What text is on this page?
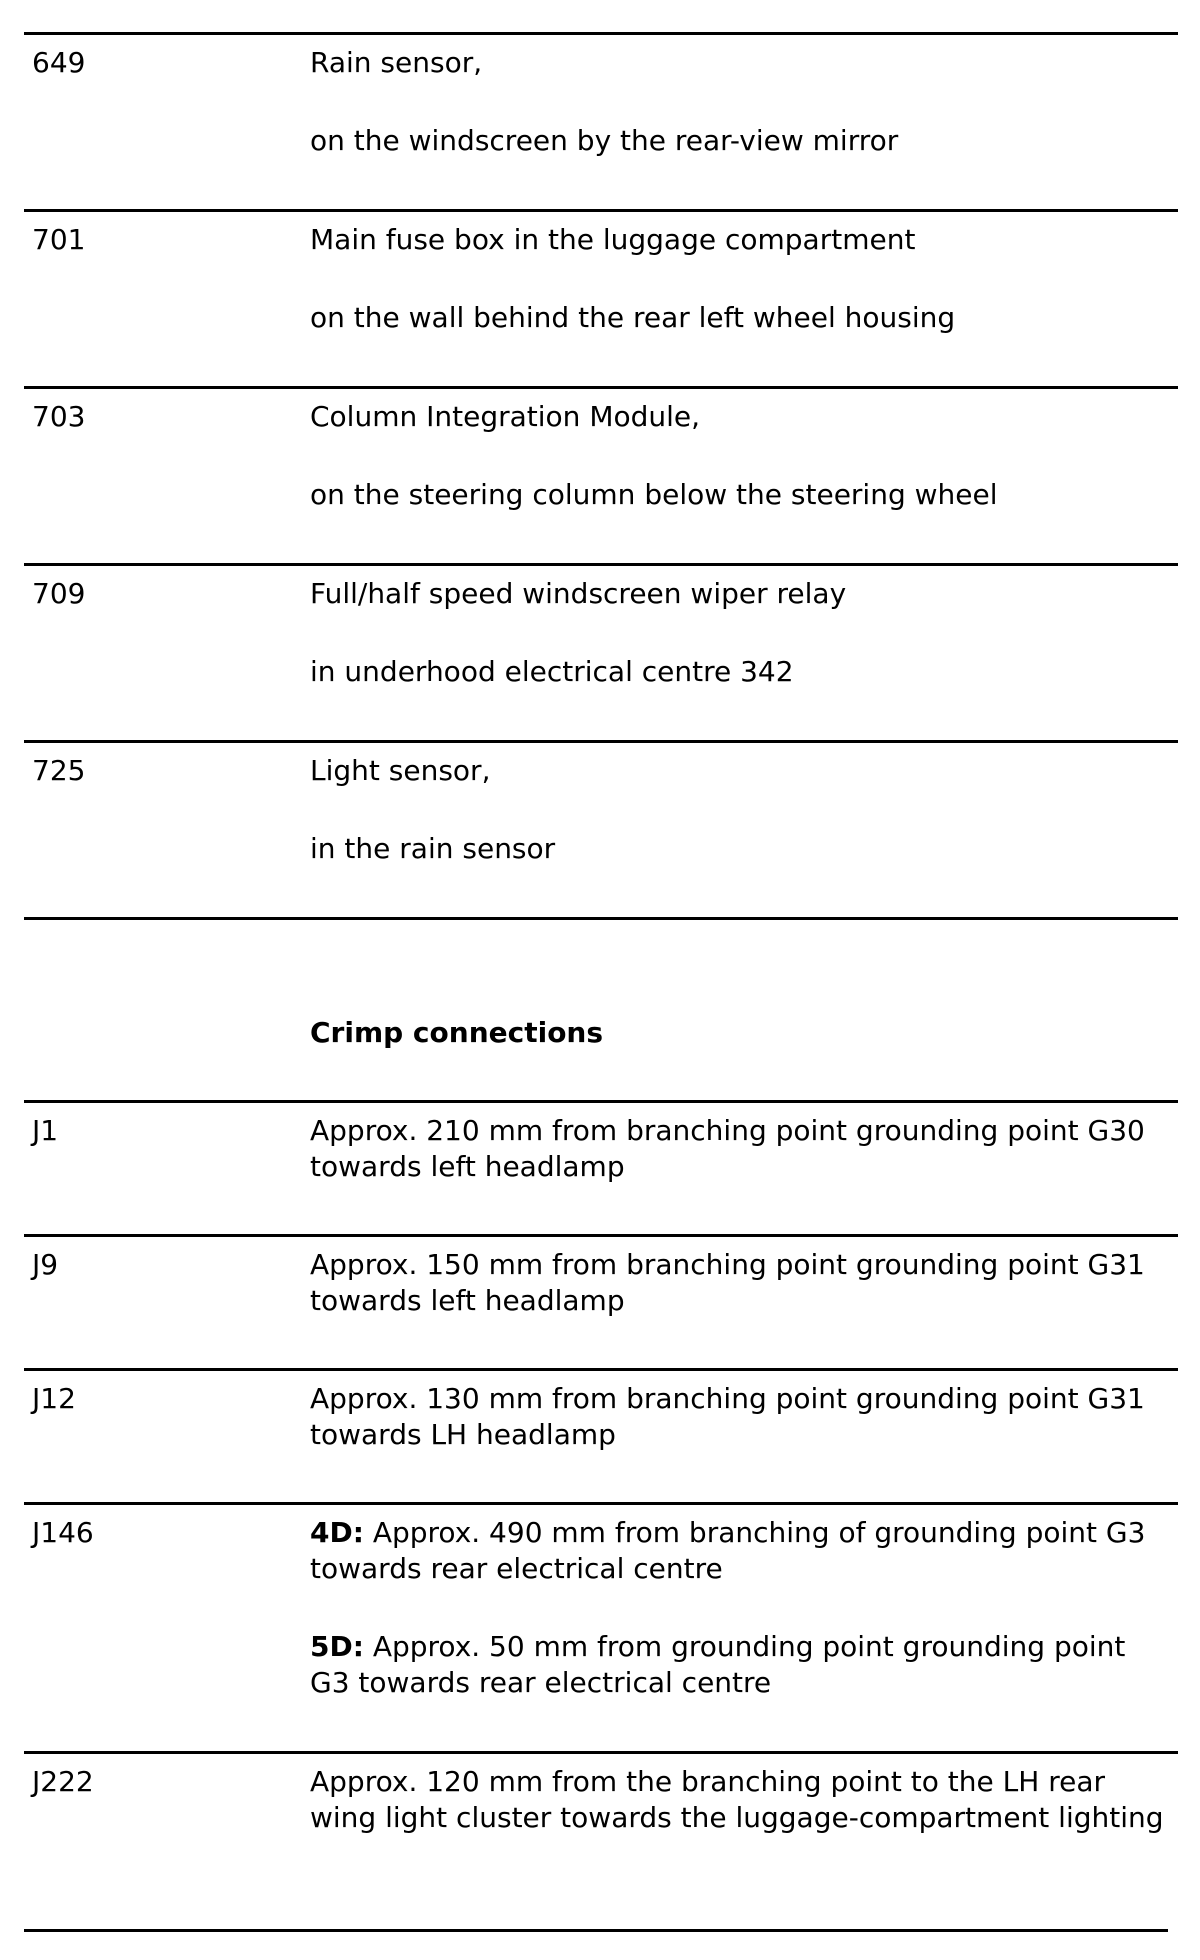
649	Rain sensor,

on the windscreen by the rear-view mirror

701	Main fuse box in the luggage compartment

on the wall behind the rear left wheel housing

703	Column Integration Module,

on the steering column below the steering wheel

709	Full/half speed windscreen wiper relay

in underhood electrical centre 342

725	Light sensor,

in the rain sensor

Crimp connections
J1	Approx. 210 mm from branching point grounding point G30 towards left headlamp

J9	Approx. 150 mm from branching point grounding point G31 towards left headlamp

J12	Approx. 130 mm from branching point grounding point G31 towards LH headlamp

J146	4D: Approx. 490 mm from branching of grounding point G3 towards rear electrical centre

5D: Approx. 50 mm from grounding point grounding point G3 towards rear electrical centre

J222	Approx. 120 mm from the branching point to the LH rear wing light cluster towards the luggage-compartment lighting
